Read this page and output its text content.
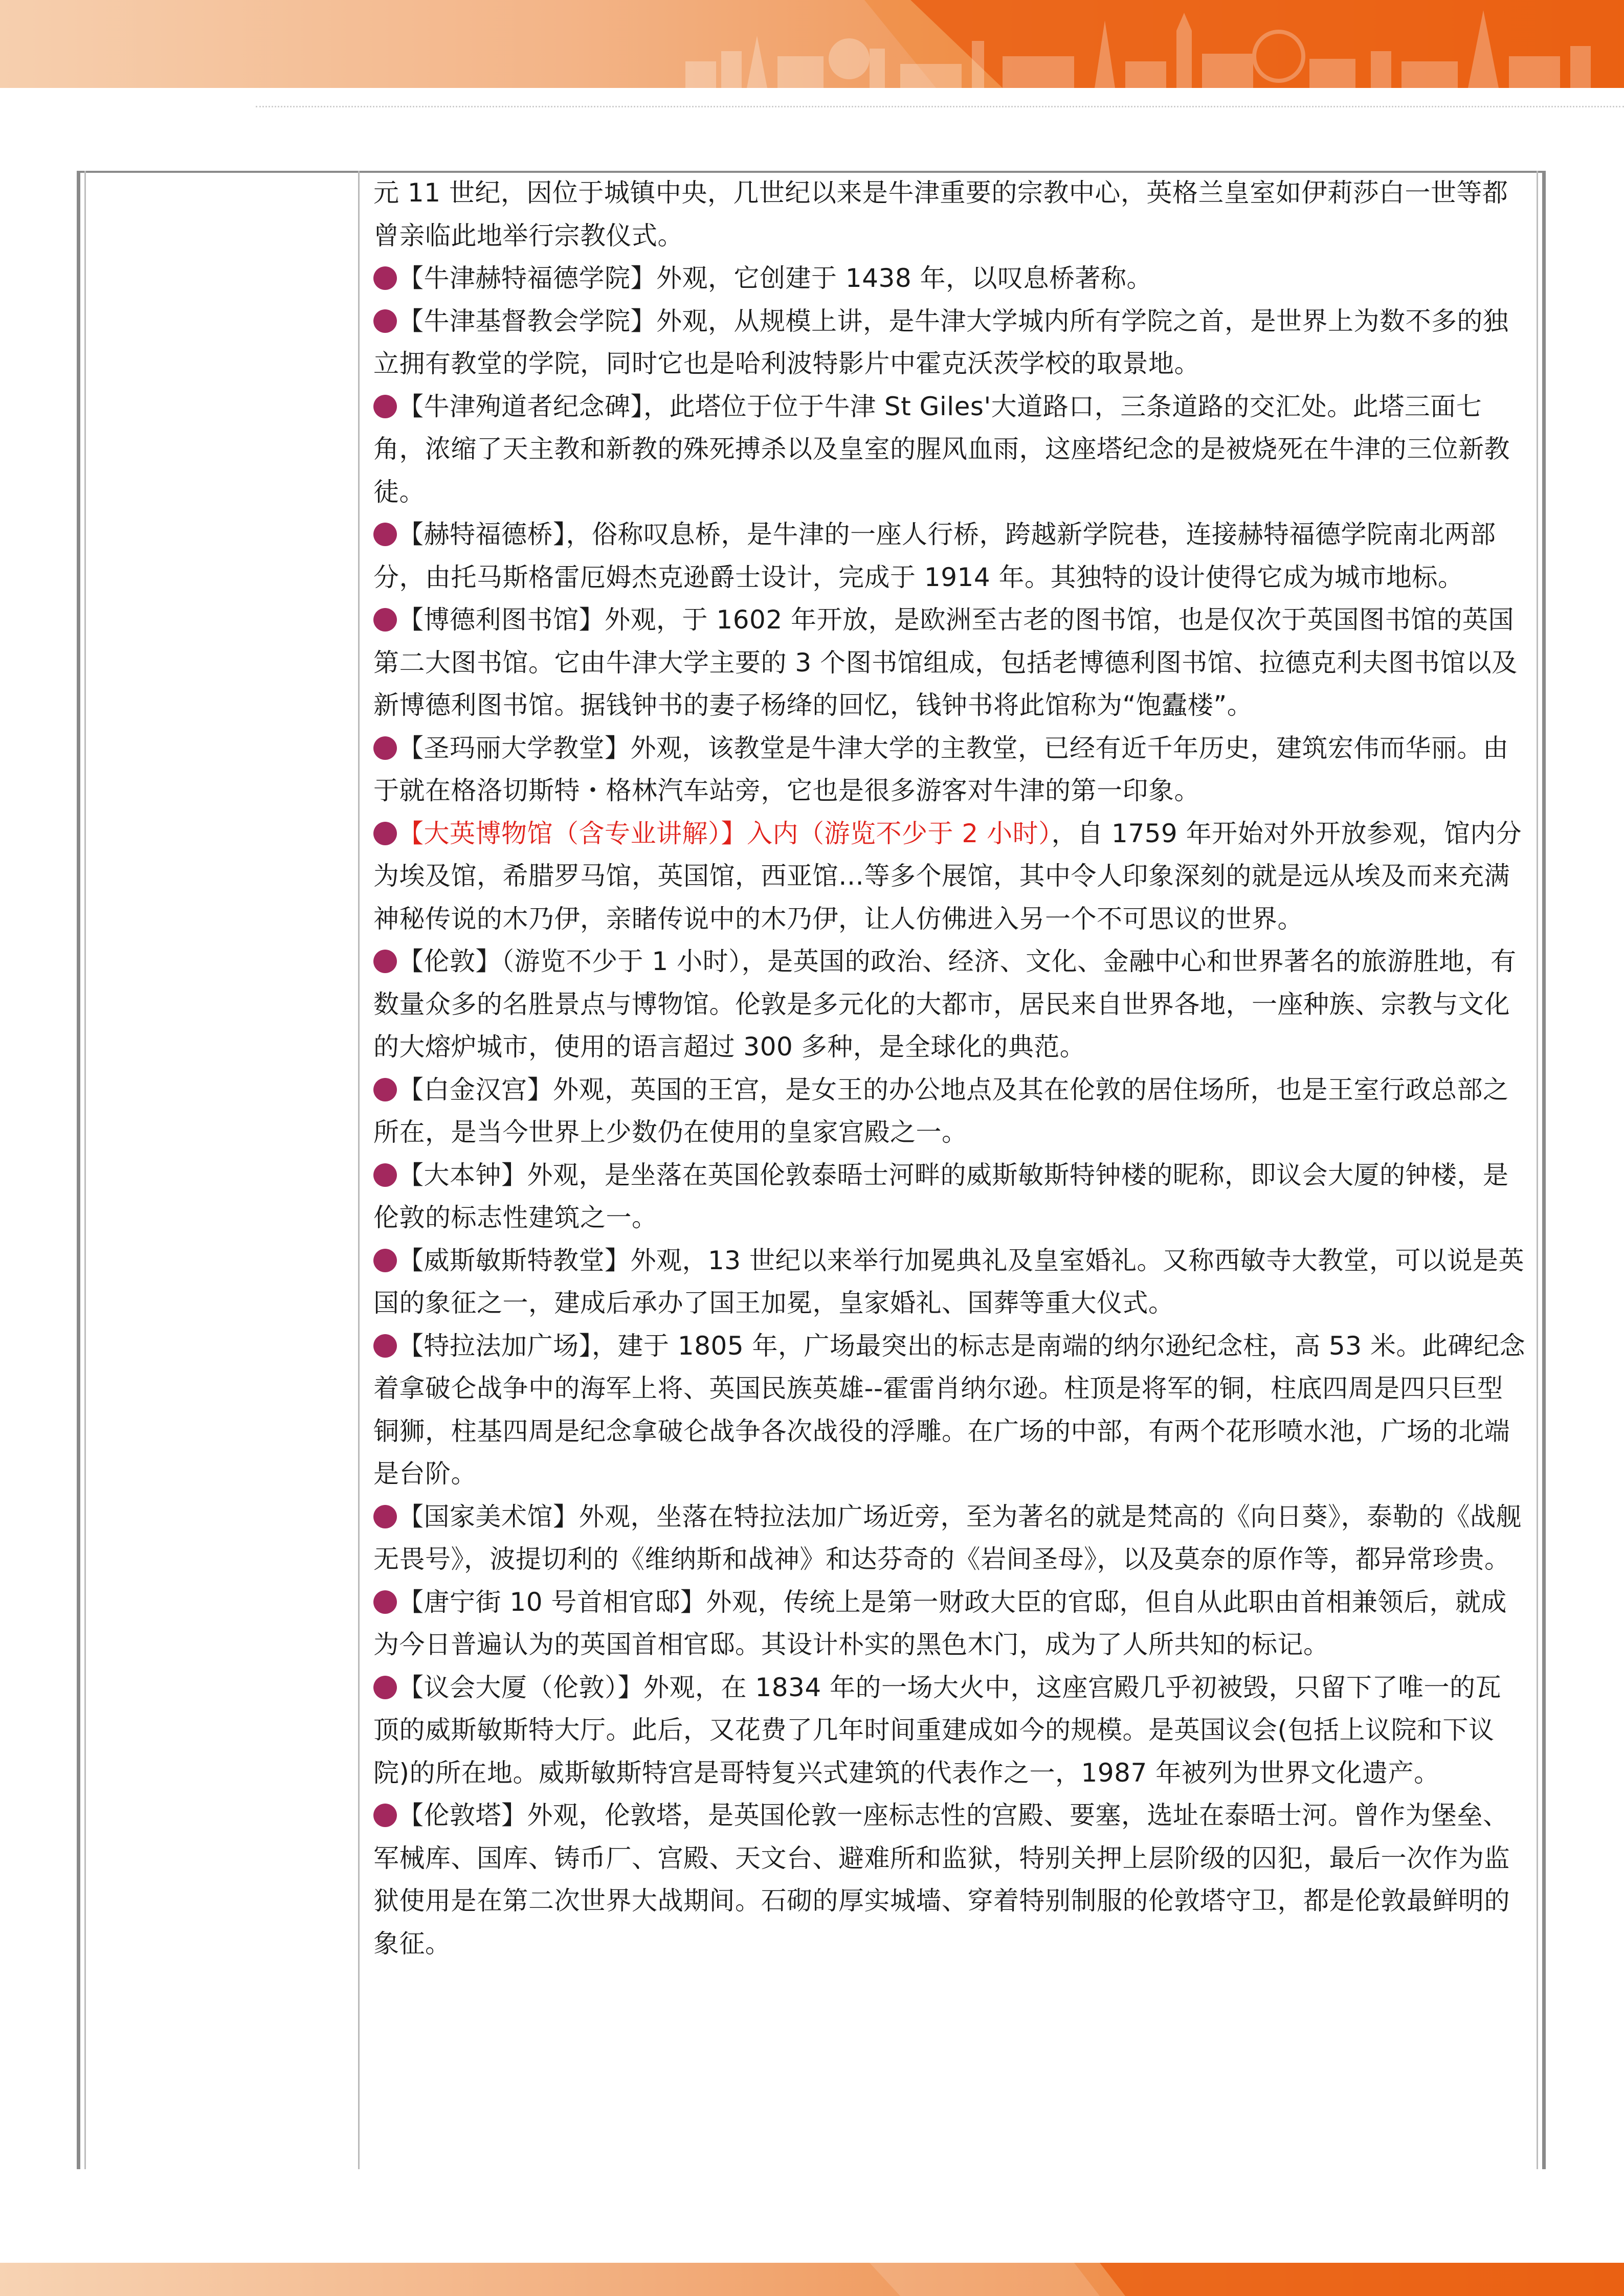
元 11 世纪，因位于城镇中央，几世纪以来是牛津重要的宗教中心，英格兰皇室如伊莉莎白一世等都曾亲临此地举行宗教仪式。

【牛津赫特福德学院】外观，它创建于 1438 年，以叹息桥著称。

【牛津基督教会学院】外观，从规模上讲，是牛津大学城内所有学院之首，是世界上为数不多的独立拥有教堂的学院，同时它也是哈利波特影片中霍克沃茨学校的取景地。

【牛津殉道者纪念碑】，此塔位于位于牛津 St Giles'大道路口，三条道路的交汇处。此塔三面七角，浓缩了天主教和新教的殊死搏杀以及皇室的腥风血雨，这座塔纪念的是被烧死在牛津的三位新教徒。

【赫特福德桥】，俗称叹息桥，是牛津的一座人行桥，跨越新学院巷，连接赫特福德学院南北两部分，由托马斯格雷厄姆杰克逊爵士设计，完成于 1914 年。其独特的设计使得它成为城市地标。

【博德利图书馆】外观，于 1602 年开放，是欧洲至古老的图书馆，也是仅次于英国图书馆的英国第二大图书馆。它由牛津大学主要的 3 个图书馆组成，包括老博德利图书馆、拉德克利夫图书馆以及新博德利图书馆。据钱钟书的妻子杨绛的回忆，钱钟书将此馆称为“饱蠹楼”。

【圣玛丽大学教堂】外观，该教堂是牛津大学的主教堂，已经有近千年历史，建筑宏伟而华丽。由于就在格洛切斯特・格林汽车站旁，它也是很多游客对牛津的第一印象。

【大英博物馆（含专业讲解）】入内（游览不少于 2 小时），自 1759 年开始对外开放参观，馆内分为埃及馆，希腊罗马馆，英国馆，西亚馆…等多个展馆，其中令人印象深刻的就是远从埃及而来充满神秘传说的木乃伊，亲睹传说中的木乃伊，让人仿佛进入另一个不可思议的世界。

【伦敦】（游览不少于 1 小时），是英国的政治、经济、文化、金融中心和世界著名的旅游胜地，有数量众多的名胜景点与博物馆。伦敦是多元化的大都市，居民来自世界各地，一座种族、宗教与文化的大熔炉城市，使用的语言超过 300 多种，是全球化的典范。

【白金汉宫】外观，英国的王宫，是女王的办公地点及其在伦敦的居住场所，也是王室行政总部之所在，是当今世界上少数仍在使用的皇家宫殿之一。

【大本钟】外观，是坐落在英国伦敦泰晤士河畔的威斯敏斯特钟楼的昵称，即议会大厦的钟楼，是伦敦的标志性建筑之一。

【威斯敏斯特教堂】外观，13 世纪以来举行加冕典礼及皇室婚礼。又称西敏寺大教堂，可以说是英国的象征之一，建成后承办了国王加冕，皇家婚礼、国葬等重大仪式。

【特拉法加广场】，建于 1805 年，广场最突出的标志是南端的纳尔逊纪念柱，高 53 米。此碑纪念着拿破仑战争中的海军上将、英国民族英雄--霍雷肖纳尔逊。柱顶是将军的铜，柱底四周是四只巨型铜狮，柱基四周是纪念拿破仑战争各次战役的浮雕。在广场的中部，有两个花形喷水池，广场的北端是台阶。

【国家美术馆】外观，坐落在特拉法加广场近旁，至为著名的就是梵高的《向日葵》，泰勒的《战舰无畏号》，波提切利的《维纳斯和战神》和达芬奇的《岩间圣母》，以及莫奈的原作等，都异常珍贵。

【唐宁街 10 号首相官邸】外观，传统上是第一财政大臣的官邸，但自从此职由首相兼领后，就成为今日普遍认为的英国首相官邸。其设计朴实的黑色木门，成为了人所共知的标记。

【议会大厦（伦敦）】外观，在 1834 年的一场大火中，这座宫殿几乎初被毁，只留下了唯一的瓦顶的威斯敏斯特大厅。此后，又花费了几年时间重建成如今的规模。是英国议会(包括上议院和下议院)的所在地。威斯敏斯特宫是哥特复兴式建筑的代表作之一，1987 年被列为世界文化遗产。

【伦敦塔】外观，伦敦塔，是英国伦敦一座标志性的宫殿、要塞，选址在泰晤士河。曾作为堡垒、军械库、国库、铸币厂、宫殿、天文台、避难所和监狱，特别关押上层阶级的囚犯，最后一次作为监狱使用是在第二次世界大战期间。石砌的厚实城墙、穿着特别制服的伦敦塔守卫，都是伦敦最鲜明的象征。
